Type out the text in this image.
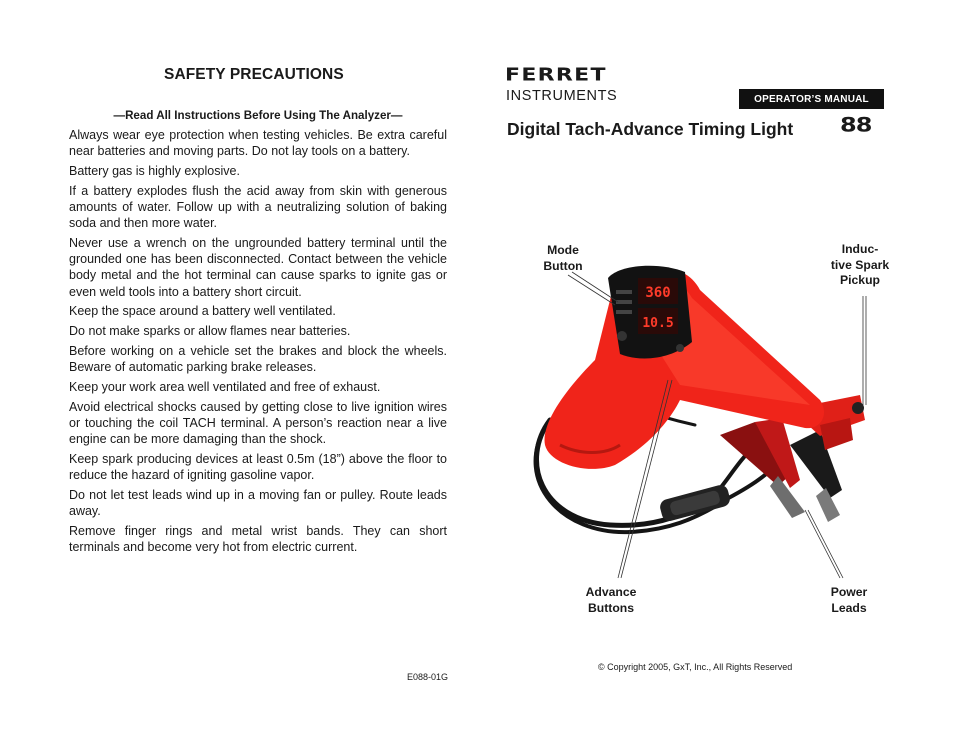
SAFETY PRECAUTIONS
—Read All Instructions Before Using The Analyzer—
Always wear eye protection when testing vehicles. Be extra careful near batteries and moving parts. Do not lay tools on a battery.
Battery gas is highly explosive.
If a battery explodes flush the acid away from skin with generous amounts of water. Follow up with a neutralizing solution of baking soda and then more water.
Never use a wrench on the ungrounded battery terminal until the grounded one has been disconnected. Contact between the vehicle body metal and the hot terminal can cause sparks to ignite gas or even weld tools into a battery short circuit.
Keep the space around a battery well ventilated.
Do not make sparks or allow flames near batteries.
Before working on a vehicle set the brakes and block the wheels. Beware of automatic parking brake releases.
Keep your work area well ventilated and free of exhaust.
Avoid electrical shocks caused by getting close to live ignition wires or touching the coil TACH terminal. A person’s reaction near a live engine can be more damaging than the shock.
Keep spark producing devices at least 0.5m (18”) above the floor to reduce the hazard of igniting gasoline vapor.
Do not let test leads wind up in a moving fan or pulley. Route leads away.
Remove finger rings and metal wrist bands. They can short terminals and become very hot from electric current.
E088-01G
FERRET
INSTRUMENTS	OPERATOR’S MANUAL
Digital Tach-Advance Timing Light	88
360
10.5
Mode
Button
Induc-
tive Spark
Pickup
Advance
Buttons
Power
Leads
© Copyright 2005, GxT, Inc., All Rights Reserved
